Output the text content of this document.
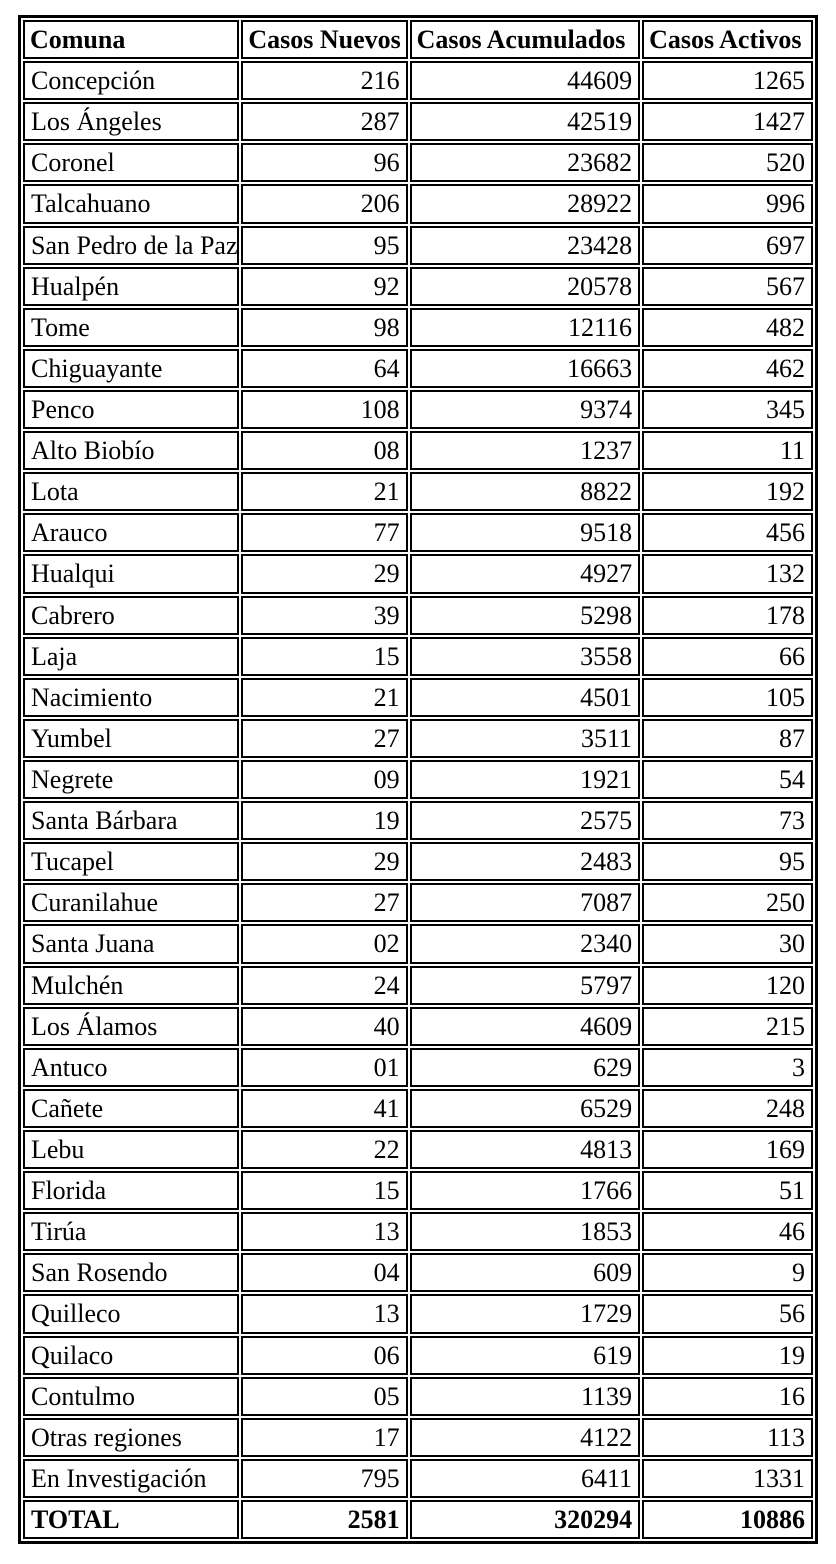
Comuna	Casos Nuevos	Casos Acumulados	Casos Activos
Concepción	216	44609	1265
Los Ángeles	287	42519	1427
Coronel	96	23682	520
Talcahuano	206	28922	996
San Pedro de la Paz	95	23428	697
Hualpén	92	20578	567
Tome	98	12116	482
Chiguayante	64	16663	462
Penco	108	9374	345
Alto Biobío	08	1237	11
Lota	21	8822	192
Arauco	77	9518	456
Hualqui	29	4927	132
Cabrero	39	5298	178
Laja	15	3558	66
Nacimiento	21	4501	105
Yumbel	27	3511	87
Negrete	09	1921	54
Santa Bárbara	19	2575	73
Tucapel	29	2483	95
Curanilahue	27	7087	250
Santa Juana	02	2340	30
Mulchén	24	5797	120
Los Álamos	40	4609	215
Antuco	01	629	3
Cañete	41	6529	248
Lebu	22	4813	169
Florida	15	1766	51
Tirúa	13	1853	46
San Rosendo	04	609	9
Quilleco	13	1729	56
Quilaco	06	619	19
Contulmo	05	1139	16
Otras regiones	17	4122	113
En Investigación	795	6411	1331
TOTAL	2581	320294	10886
